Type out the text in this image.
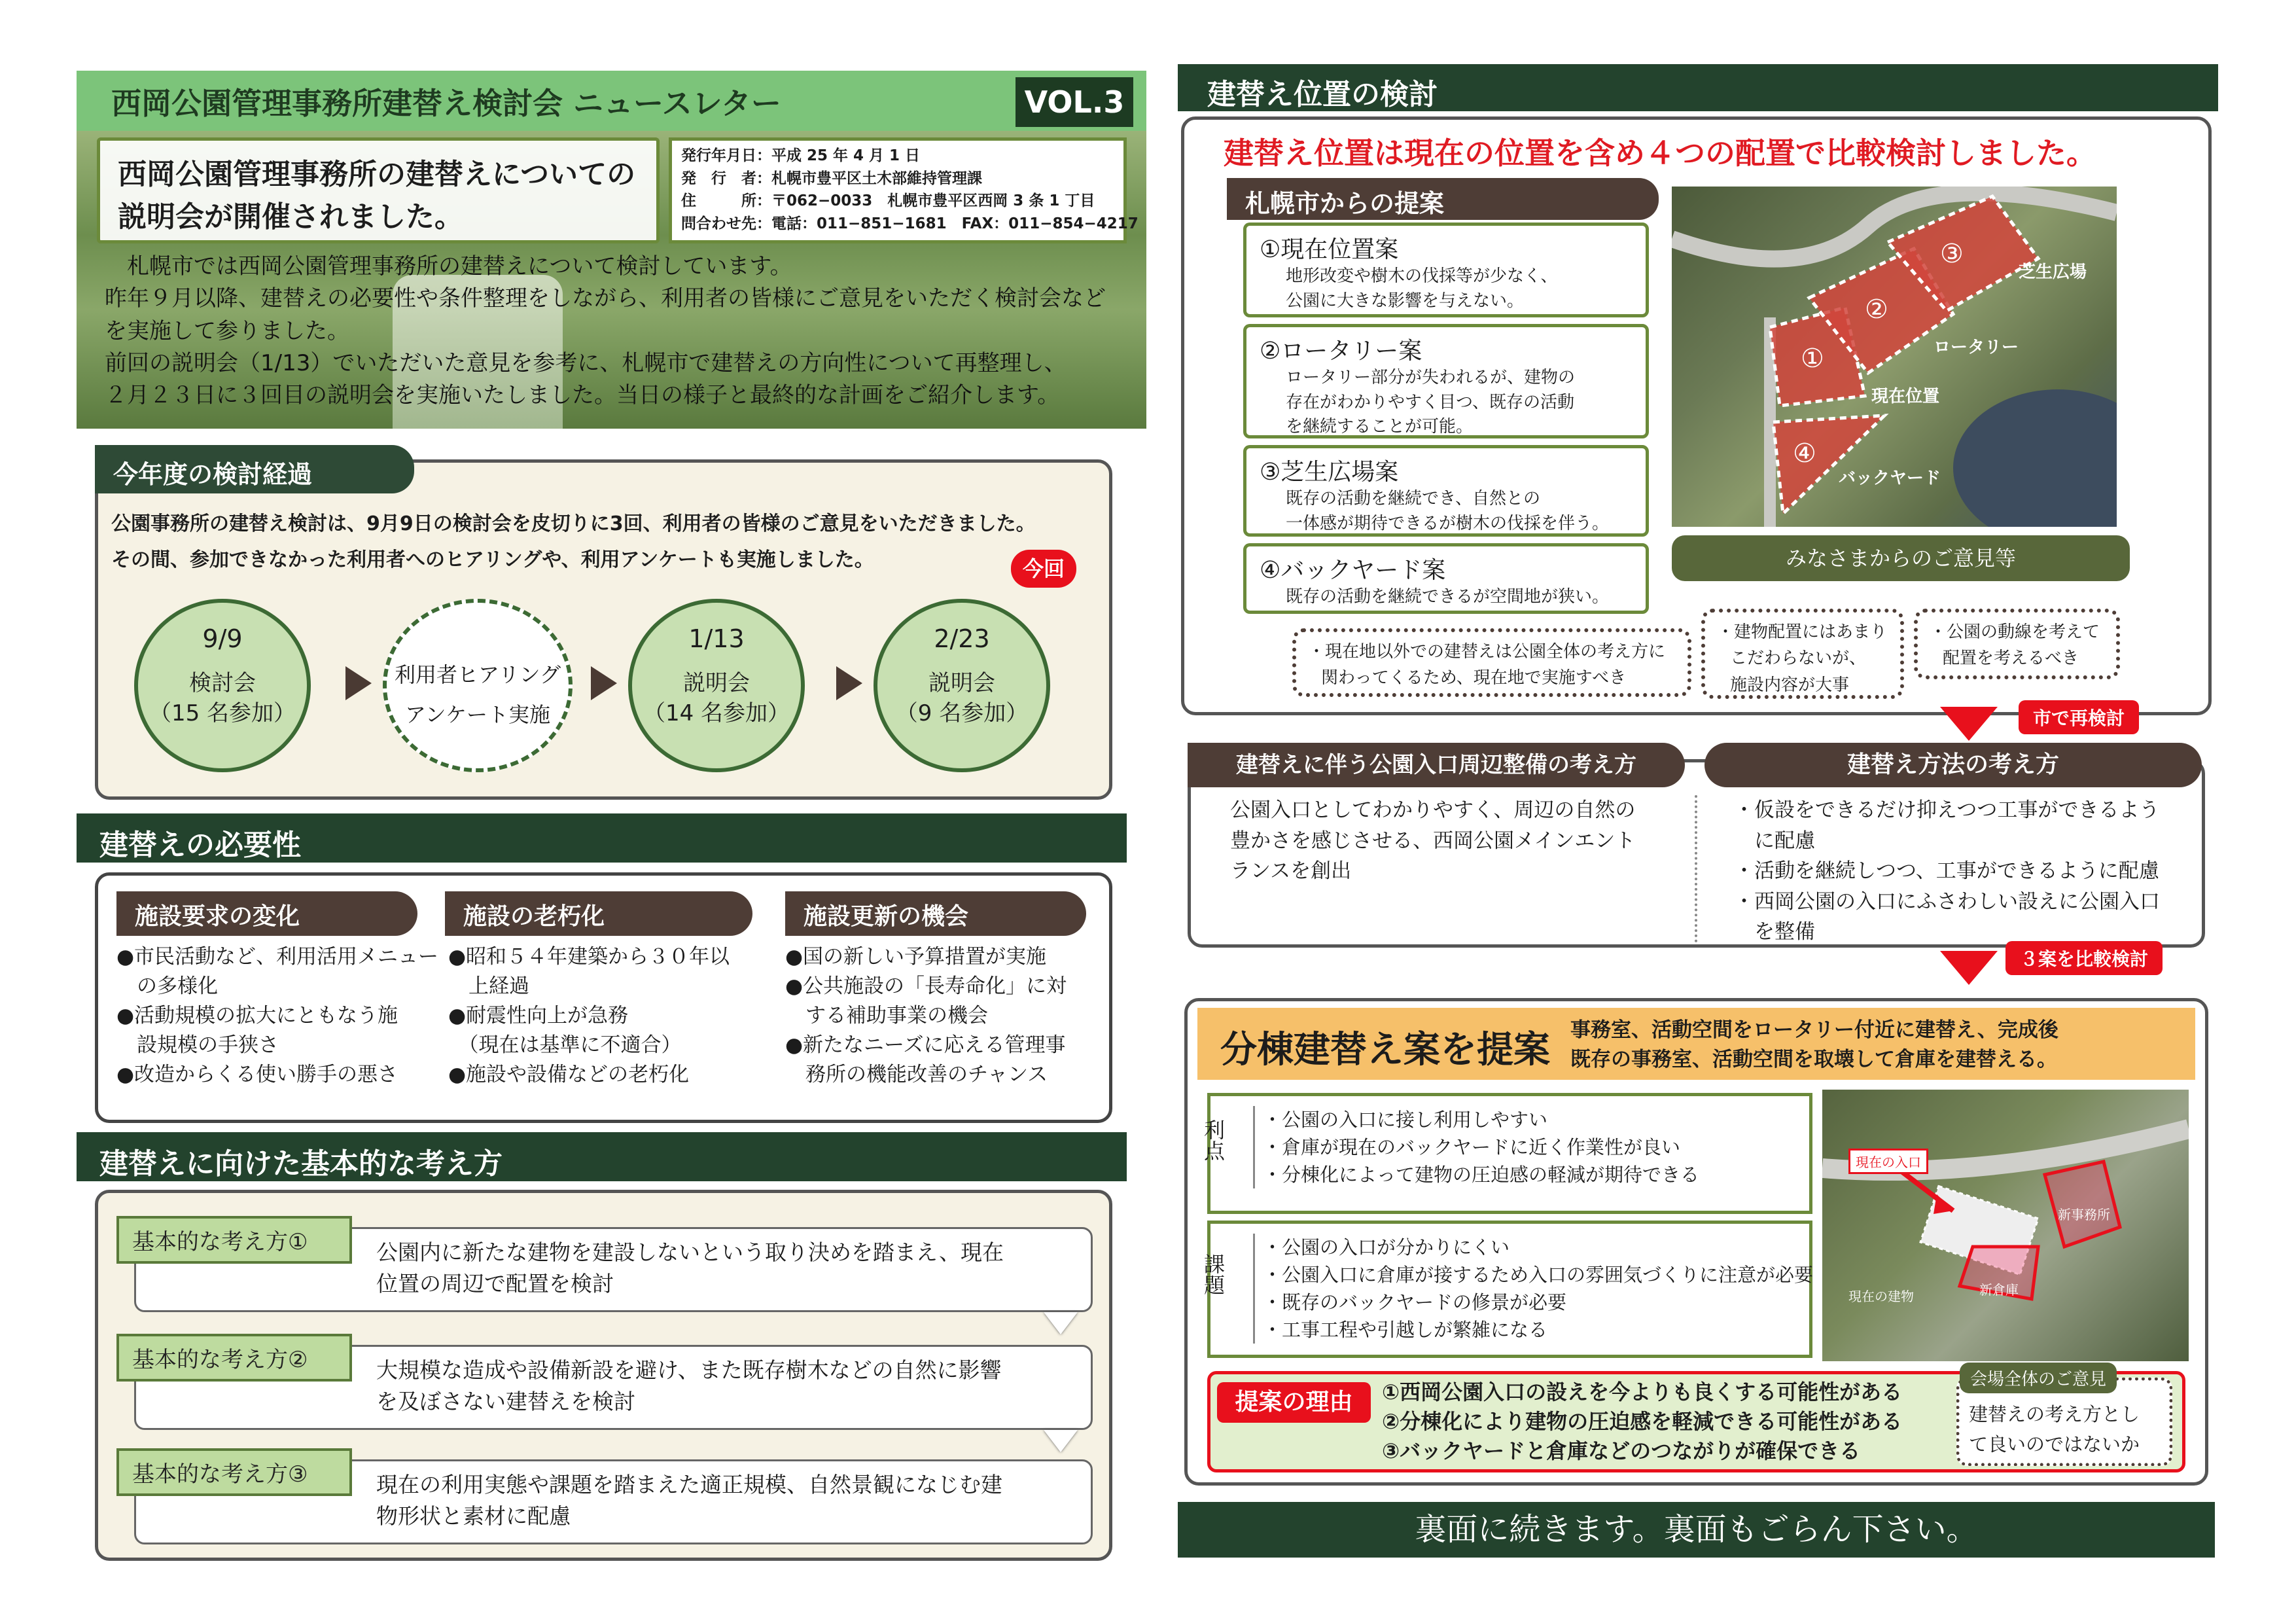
西岡公園管理事務所建替え検討会 ニュースレター	VOL.3
西岡公園管理事務所の建替えについての
説明会が開催されました。

発行年月日：平成 25 年 4 月 1 日

発　行　者：札幌市豊平区土木部維持管理課

住　　　所：〒062−0033　札幌市豊平区西岡 3 条 1 丁目

問合わせ先：電話：011−851−1681　FAX：011−854−4217

札幌市では西岡公園管理事務所の建替えについて検討しています。

昨年９月以降、建替えの必要性や条件整理をしながら、利用者の皆様にご意見をいただく検討会など

を実施して参りました。

前回の説明会（1/13）でいただいた意見を参考に、札幌市で建替えの方向性について再整理し、

２月２３日に３回目の説明会を実施いたしました。当日の様子と最終的な計画をご紹介します。

今年度の検討経過
公園事務所の建替え検討は、9月9日の検討会を皮切りに3回、利用者の皆様のご意見をいただきました。
その間、参加できなかった利用者へのヒアリングや、利用アンケートも実施しました。

9/9

検討会

（15 名参加）

利用者ヒアリング

アンケート実施

1/13

説明会

（14 名参加）

2/23

説明会

（9 名参加）

今回
建替えの必要性
施設要求の変化

●市民活動など、利用活用メニュー

　の多様化

●活動規模の拡大にともなう施

　設規模の手狭さ

●改造からくる使い勝手の悪さ

施設の老朽化

●昭和５４年建築から３０年以

　上経過

●耐震性向上が急務

　（現在は基準に不適合）

●施設や設備などの老朽化

施設更新の機会

●国の新しい予算措置が実施

●公共施設の「長寿命化」に対

　する補助事業の機会

●新たなニーズに応える管理事

　務所の機能改善のチャンス

建替えに向けた基本的な考え方
基本的な考え方①	公園内に新たな建物を建設しないという取り決めを踏まえ、現在

位置の周辺で配置を検討

基本的な考え方②	大規模な造成や設備新設を避け、また既存樹木などの自然に影響

を及ぼさない建替えを検討

基本的な考え方③	現在の利用実態や課題を踏まえた適正規模、自然景観になじむ建

物形状と素材に配慮

建替え位置の検討
建替え位置は現在の位置を含め４つの配置で比較検討しました。
札幌市からの提案

①現在位置案

地形改変や樹木の伐採等が少なく、

公園に大きな影響を与えない。

②ロータリー案

ロータリー部分が失われるが、建物の

存在がわかりやすく目つ、既存の活動

を継続することが可能。

③芝生広場案

既存の活動を継続でき、自然との

一体感が期待できるが樹木の伐採を伴う。

④バックヤード案

既存の活動を継続できるが空間地が狭い。

①
②
③
④
芝生広場
ロータリー
現在位置
バックヤード
みなさまからのご意見等

・現在地以外での建替えは公園全体の考え方に

関わってくるため、現在地で実施すべき

・建物配置にはあまり

こだわらないが、

施設内容が大事

・公園の動線を考えて

配置を考えるべき

市で再検討
建替えに伴う公園入口周辺整備の考え方	建替え方法の考え方

公園入口としてわかりやすく、周辺の自然の

豊かさを感じさせる、西岡公園メインエント

ランスを創出

・仮設をできるだけ抑えつつ工事ができるよう

　に配慮

・活動を継続しつつ、工事ができるように配慮

・西岡公園の入口にふさわしい設えに公園入口

　を整備

３案を比較検討
分棟建替え案を提案 事務室、活動空間をロータリー付近に建替え、完成後

既存の事務室、活動空間を取壊して倉庫を建替える。

・公園の入口に接し利用しやすい

・倉庫が現在のバックヤードに近く作業性が良い

・分棟化によって建物の圧迫感の軽減が期待できる

・公園の入口が分かりにくい

・公園入口に倉庫が接するため入口の雰囲気づくりに注意が必要

・既存のバックヤードの修景が必要

・工事工程や引越しが繁雑になる

現在の入口
新事務所
新倉庫
現在の建物
提案の理由	①西岡公園入口の設えを今よりも良くする可能性がある

②分棟化により建物の圧迫感を軽減できる可能性がある

③バックヤードと倉庫などのつながりが確保できる

建替えの考え方とし

て良いのではないか

会場全体のご意見
裏面に続きます。裏面もごらん下さい。
